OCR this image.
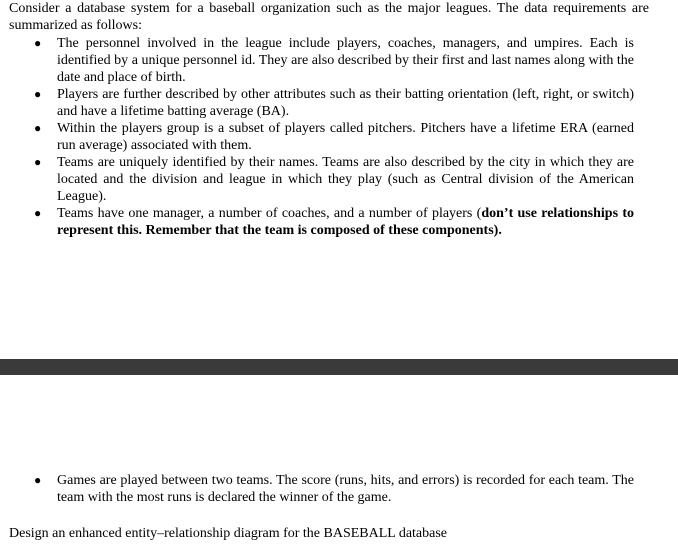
Consider a database system for a baseball organization such as the major leagues. The data requirements are summarized as follows:
● The personnel involved in the league include players, coaches, managers, and umpires. Each is identified by a unique personnel id. They are also described by their first and last names along with the date and place of birth.
● Players are further described by other attributes such as their batting orientation (left, right, or switch) and have a lifetime batting average (BA).
● Within the players group is a subset of players called pitchers. Pitchers have a lifetime ERA (earned run average) associated with them.
● Teams are uniquely identified by their names. Teams are also described by the city in which they are located and the division and league in which they play (such as Central division of the American League).
● Teams have one manager, a number of coaches, and a number of players (don’t use relationships to represent this. Remember that the team is composed of these components).
● Games are played between two teams. The score (runs, hits, and errors) is recorded for each team. The team with the most runs is declared the winner of the game.
Design an enhanced entity–relationship diagram for the BASEBALL database
